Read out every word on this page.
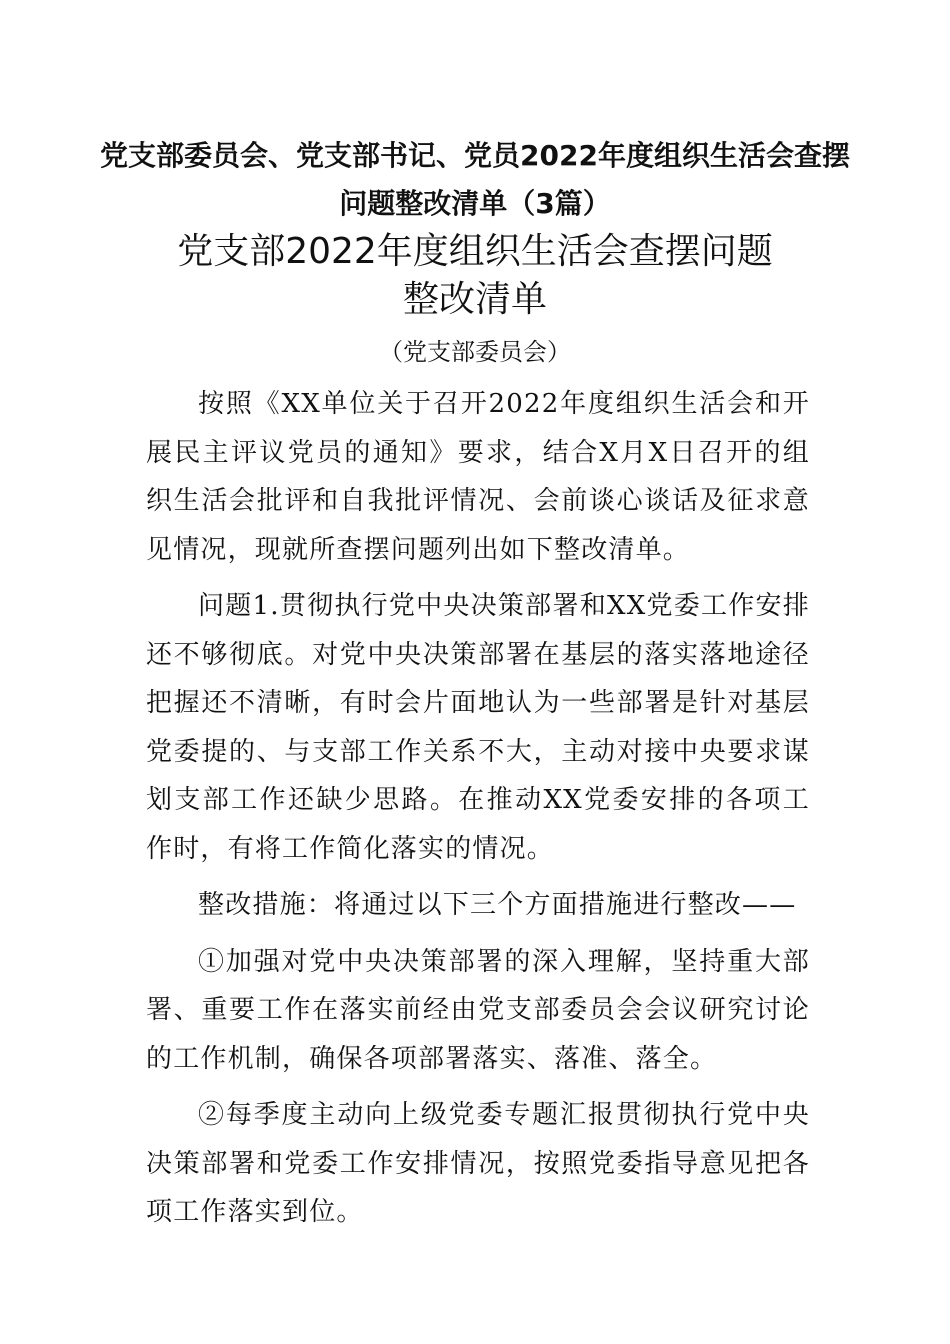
党支部委员会、党支部书记、党员2022年度组织生活会查摆问题整改清单（3篇）
党支部2022年度组织生活会查摆问题
整改清单
（党支部委员会）

按照《XX单位关于召开2022年度组织生活会和开展民主评议党员的通知》要求，结合X月X日召开的组织生活会批评和自我批评情况、会前谈心谈话及征求意见情况，现就所查摆问题列出如下整改清单。

问题1.贯彻执行党中央决策部署和XX党委工作安排还不够彻底。对党中央决策部署在基层的落实落地途径把握还不清晰，有时会片面地认为一些部署是针对基层党委提的、与支部工作关系不大，主动对接中央要求谋划支部工作还缺少思路。在推动XX党委安排的各项工作时，有将工作简化落实的情况。

整改措施：将通过以下三个方面措施进行整改——

①加强对党中央决策部署的深入理解，坚持重大部署、重要工作在落实前经由党支部委员会会议研究讨论的工作机制，确保各项部署落实、落准、落全。

②每季度主动向上级党委专题汇报贯彻执行党中央决策部署和党委工作安排情况，按照党委指导意见把各项工作落实到位。
